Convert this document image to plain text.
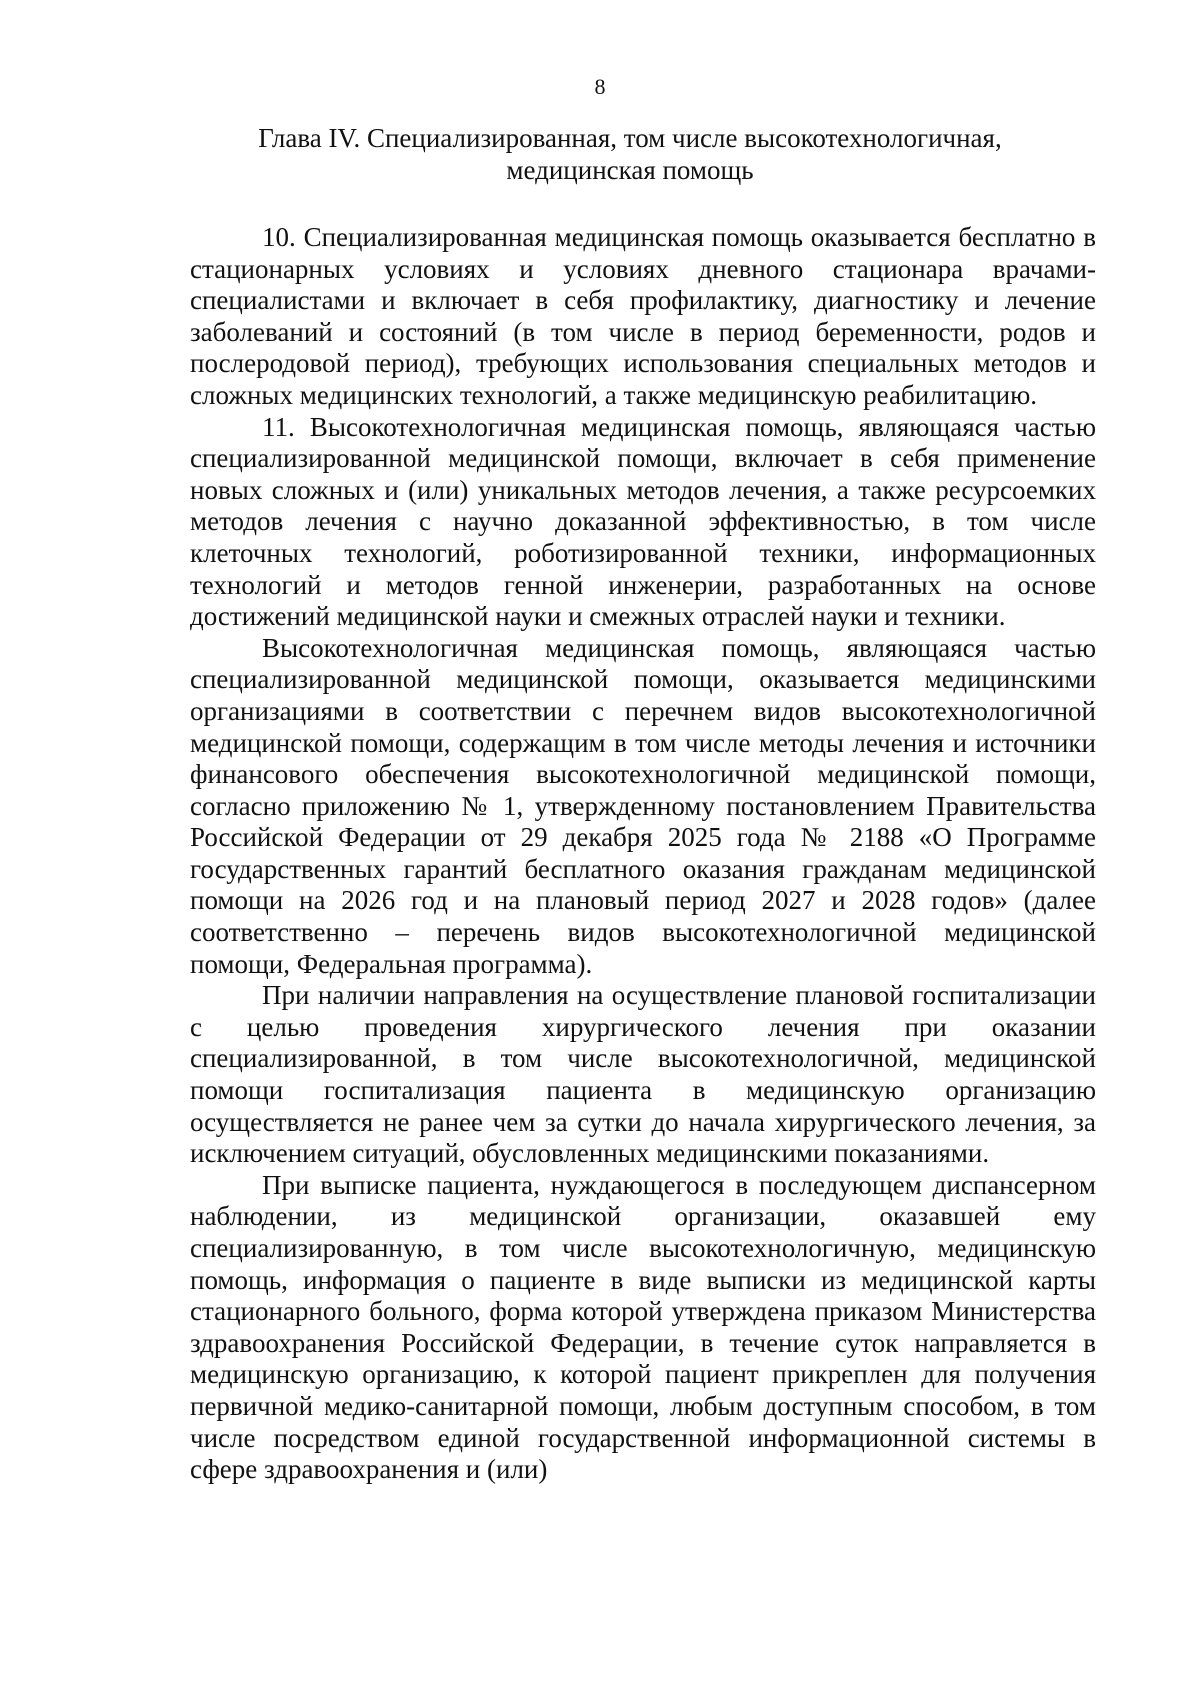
8
Глава IV. Специализированная, том числе высокотехнологичная,
медицинская помощь

10. Специализированная медицинская помощь оказывается бесплатно в стационарных условиях и условиях дневного стационара врачами-специалистами и включает в себя профилактику, диагностику и лечение заболеваний и состояний (в том числе в период беременности, родов и послеродовой период), требующих использования специальных методов и сложных медицинских технологий, а также медицинскую реабилитацию.

11. Высокотехнологичная медицинская помощь, являющаяся частью специализированной медицинской помощи, включает в себя применение новых сложных и (или) уникальных методов лечения, а также ресурсоемких методов лечения с научно доказанной эффективностью, в том числе клеточных технологий, роботизированной техники, информационных технологий и методов генной инженерии, разработанных на основе достижений медицинской науки и смежных отраслей науки и техники.

Высокотехнологичная медицинская помощь, являющаяся частью специализированной медицинской помощи, оказывается медицинскими организациями в соответствии с перечнем видов высокотехнологичной медицинской помощи, содержащим в том числе методы лечения и источники финансового обеспечения высокотехнологичной медицинской помощи, согласно приложению № 1, утвержденному постановлением Правительства Российской Федерации от 29 декабря 2025 года № 2188 «О Программе государственных гарантий бесплатного оказания гражданам медицинской помощи на 2026 год и на плановый период 2027 и 2028 годов» (далее соответственно – перечень видов высокотехнологичной медицинской помощи, Федеральная программа).

При наличии направления на осуществление плановой госпитализации с целью проведения хирургического лечения при оказании специализированной, в том числе высокотехнологичной, медицинской помощи госпитализация пациента в медицинскую организацию осуществляется не ранее чем за сутки до начала хирургического лечения, за исключением ситуаций, обусловленных медицинскими показаниями.

При выписке пациента, нуждающегося в последующем диспансерном наблюдении, из медицинской организации, оказавшей ему специализированную, в том числе высокотехнологичную, медицинскую помощь, информация о пациенте в виде выписки из медицинской карты стационарного больного, форма которой утверждена приказом Министерства здравоохранения Российской Федерации, в течение суток направляется в медицинскую организацию, к которой пациент прикреплен для получения первичной медико-санитарной помощи, любым доступным способом, в том числе посредством единой государственной информационной системы в сфере здравоохранения и (или)
